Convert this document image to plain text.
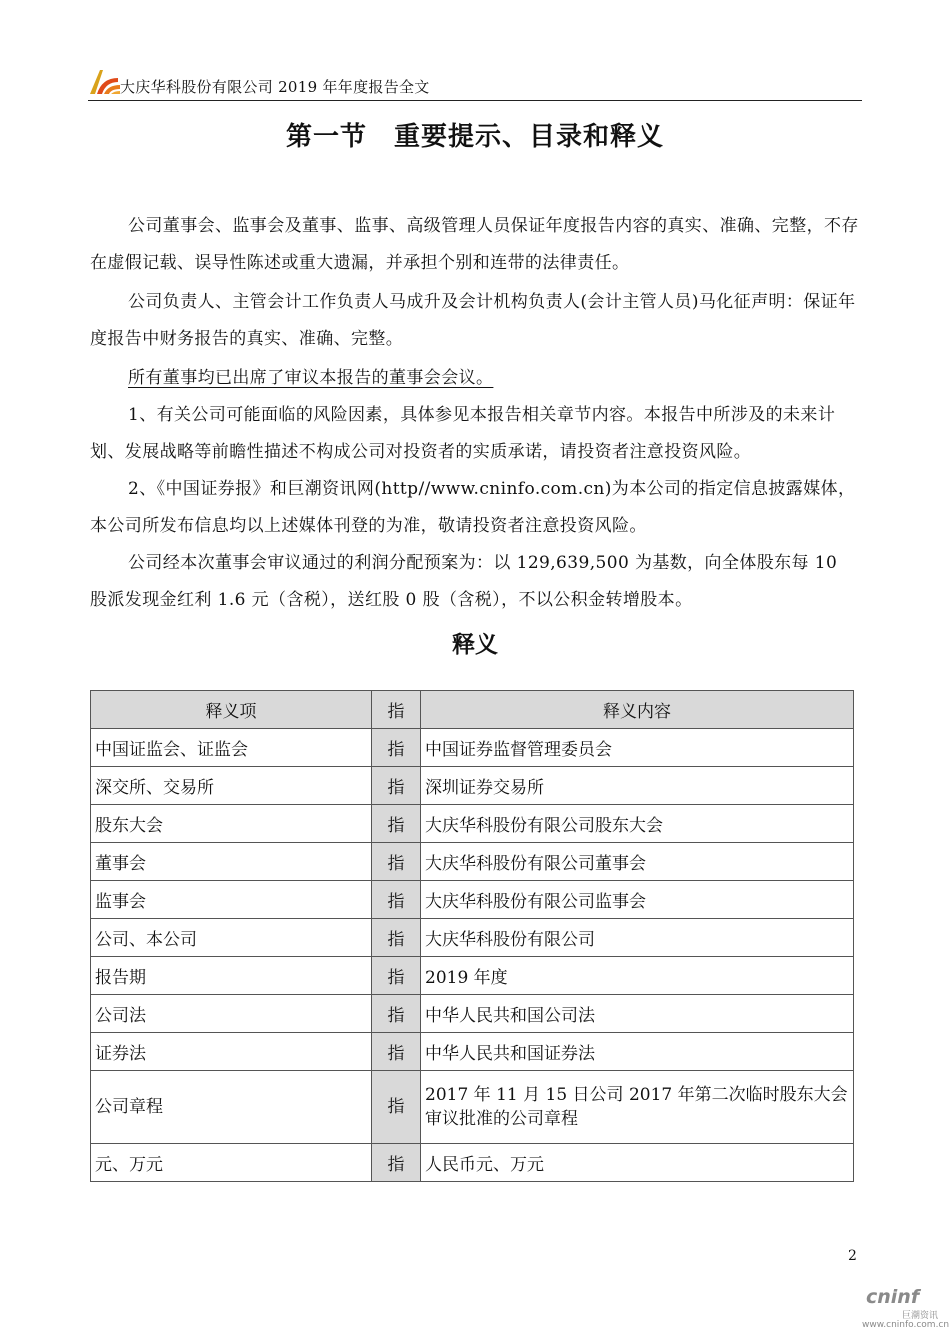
大庆华科股份有限公司 2019 年年度报告全文
第一节　重要提示、目录和释义
公司董事会、监事会及董事、监事、高级管理人员保证年度报告内容的真实、准确、完整，不存在虚假记载、误导性陈述或重大遗漏，并承担个别和连带的法律责任。
公司负责人、主管会计工作负责人马成升及会计机构负责人(会计主管人员)马化征声明：保证年度报告中财务报告的真实、准确、完整。
所有董事均已出席了审议本报告的董事会会议。
1、有关公司可能面临的风险因素，具体参见本报告相关章节内容。本报告中所涉及的未来计划、发展战略等前瞻性描述不构成公司对投资者的实质承诺，请投资者注意投资风险。
2、《中国证券报》和巨潮资讯网(http//www.cninfo.com.cn)为本公司的指定信息披露媒体，本公司所发布信息均以上述媒体刊登的为准，敬请投资者注意投资风险。
公司经本次董事会审议通过的利润分配预案为：以 129,639,500 为基数，向全体股东每 10 股派发现金红利 1.6 元（含税），送红股 0 股（含税），不以公积金转增股本。
释义
释义项	指	释义内容
中国证监会、证监会	指	中国证券监督管理委员会
深交所、交易所	指	深圳证券交易所
股东大会	指	大庆华科股份有限公司股东大会
董事会	指	大庆华科股份有限公司董事会
监事会	指	大庆华科股份有限公司监事会
公司、本公司	指	大庆华科股份有限公司
报告期	指	2019 年度
公司法	指	中华人民共和国公司法
证券法	指	中华人民共和国证券法
公司章程	指	2017 年 11 月 15 日公司 2017 年第二次临时股东大会审议批准的公司章程
元、万元	指	人民币元、万元
2
cninf
巨潮资讯
www.cninfo.com.cn
